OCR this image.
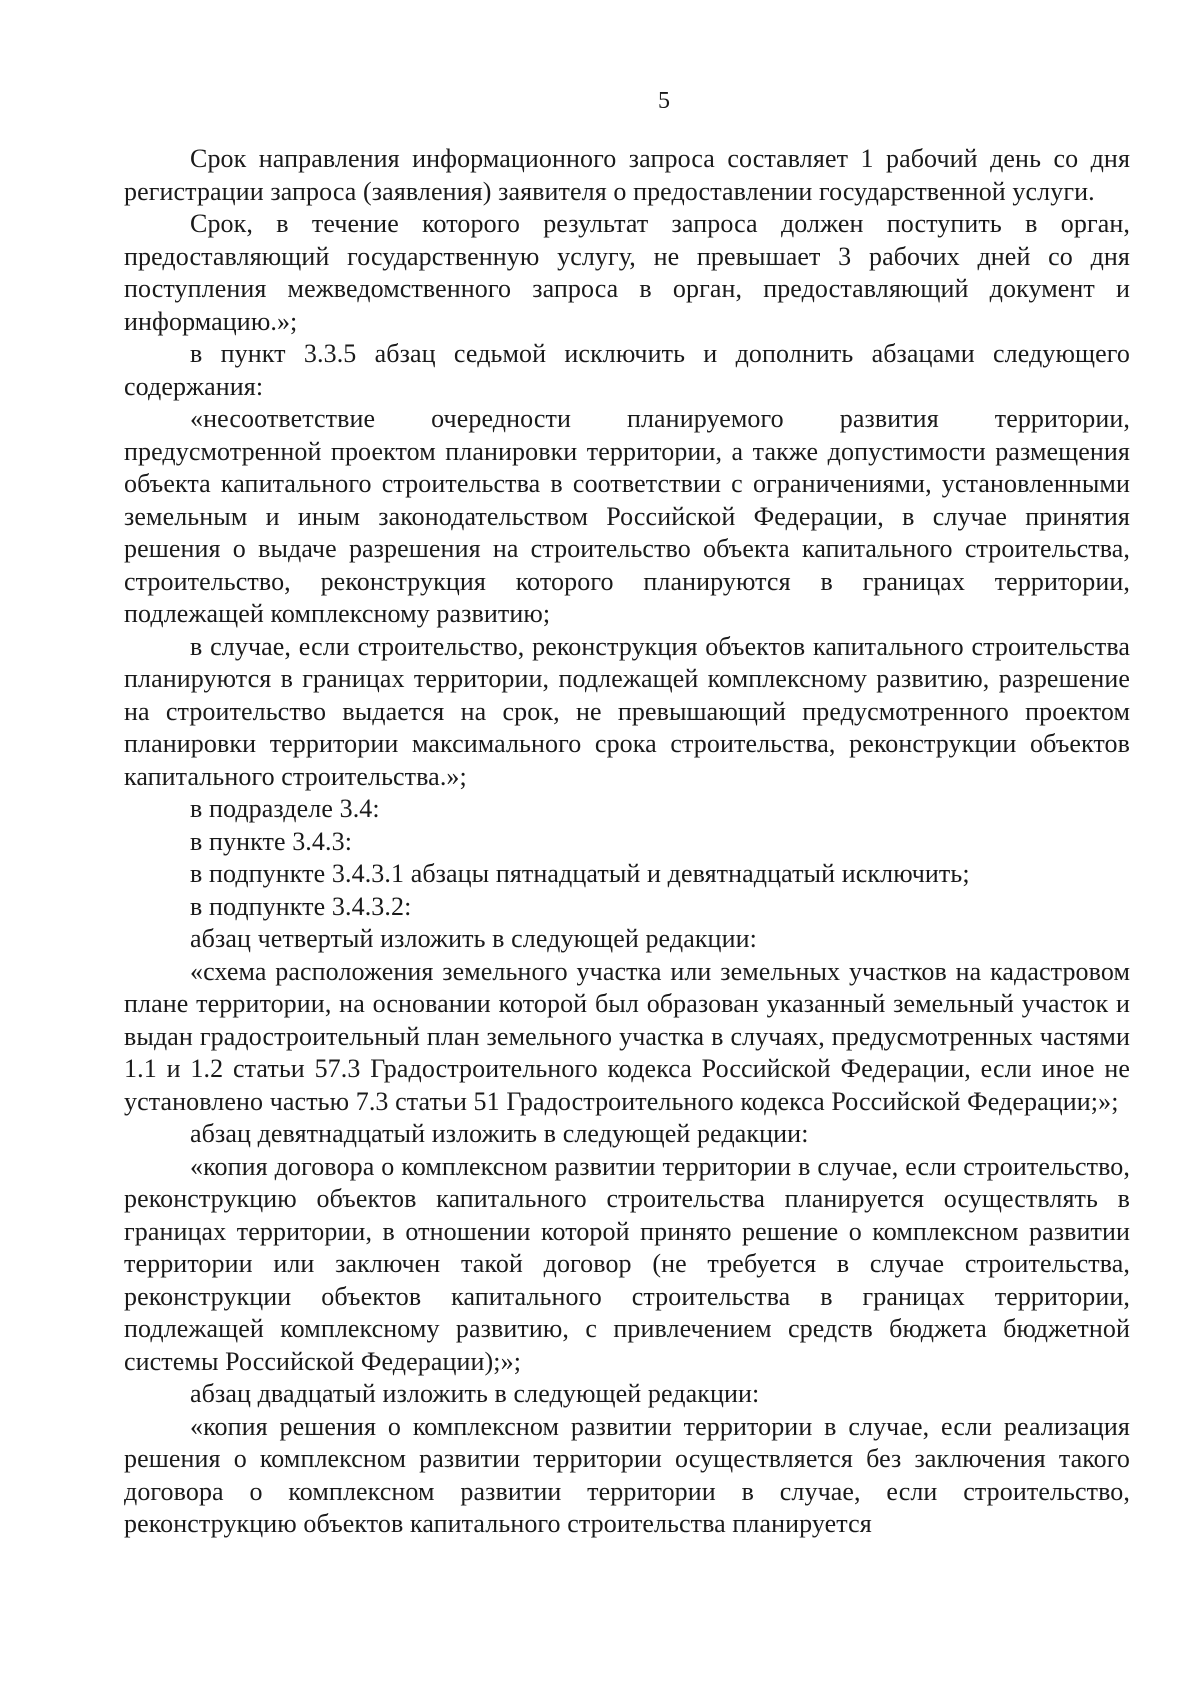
5

Срок направления информационного запроса составляет 1 рабочий день со дня регистрации запроса (заявления) заявителя о предоставлении государственной услуги.

Срок, в течение которого результат запроса должен поступить в орган, предоставляющий государственную услугу, не превышает 3 рабочих дней со дня поступления межведомственного запроса в орган, предоставляющий документ и информацию.»;

в пункт 3.3.5 абзац седьмой исключить и дополнить абзацами следующего содержания:

«несоответствие очередности планируемого развития территории, предусмотренной проектом планировки территории, а также допустимости размещения объекта капитального строительства в соответствии с ограничениями, установленными земельным и иным законодательством Российской Федерации, в случае принятия решения о выдаче разрешения на строительство объекта капитального строительства, строительство, реконструкция которого планируются в границах территории, подлежащей комплексному развитию;

в случае, если строительство, реконструкция объектов капитального строительства планируются в границах территории, подлежащей комплексному развитию, разрешение на строительство выдается на срок, не превышающий предусмотренного проектом планировки территории максимального срока строительства, реконструкции объектов капитального строительства.»;

в подразделе 3.4:

в пункте 3.4.3:

в подпункте 3.4.3.1 абзацы пятнадцатый и девятнадцатый исключить;

в подпункте 3.4.3.2:

абзац четвертый изложить в следующей редакции:

«схема расположения земельного участка или земельных участков на кадастровом плане территории, на основании которой был образован указанный земельный участок и выдан градостроительный план земельного участка в случаях, предусмотренных частями 1.1 и 1.2 статьи 57.3 Градостроительного кодекса Российской Федерации, если иное не установлено частью 7.3 статьи 51 Градостроительного кодекса Российской Федерации;»;

абзац девятнадцатый изложить в следующей редакции:

«копия договора о комплексном развитии территории в случае, если строительство, реконструкцию объектов капитального строительства планируется осуществлять в границах территории, в отношении которой принято решение о комплексном развитии территории или заключен такой договор (не требуется в случае строительства, реконструкции объектов капитального строительства в границах территории, подлежащей комплексному развитию, с привлечением средств бюджета бюджетной системы Российской Федерации);»;

абзац двадцатый изложить в следующей редакции:

«копия решения о комплексном развитии территории в случае, если реализация решения о комплексном развитии территории осуществляется без заключения такого договора о комплексном развитии территории в случае, если строительство, реконструкцию объектов капитального строительства планируется
